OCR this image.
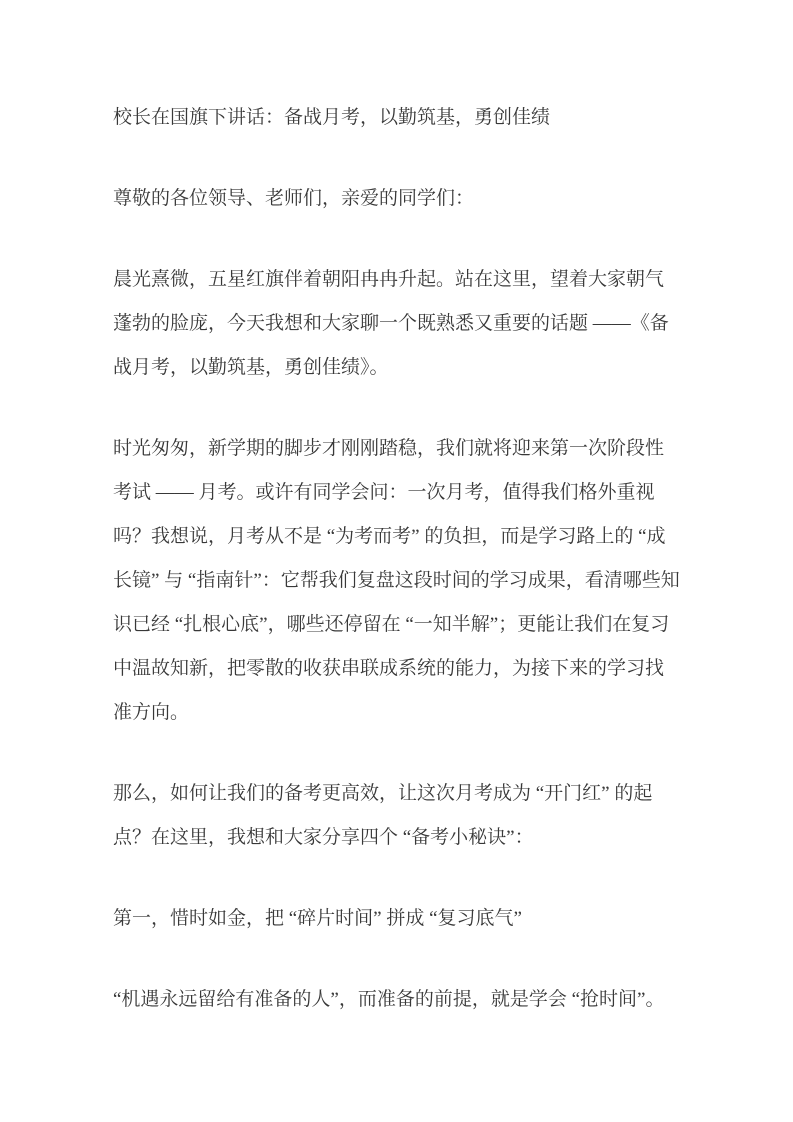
校长在国旗下讲话：备战月考，以勤筑基，勇创佳绩

尊敬的各位领导、老师们，亲爱的同学们：

晨光熹微，五星红旗伴着朝阳冉冉升起。站在这里，望着大家朝气蓬勃的脸庞，今天我想和大家聊一个既熟悉又重要的话题 ——《备战月考，以勤筑基，勇创佳绩》。

时光匆匆，新学期的脚步才刚刚踏稳，我们就将迎来第一次阶段性考试 —— 月考。或许有同学会问：一次月考，值得我们格外重视吗？我想说，月考从不是 “为考而考” 的负担，而是学习路上的 “成长镜” 与 “指南针”：它帮我们复盘这段时间的学习成果，看清哪些知识已经 “扎根心底”，哪些还停留在 “一知半解”；更能让我们在复习中温故知新，把零散的收获串联成系统的能力，为接下来的学习找准方向。

那么，如何让我们的备考更高效，让这次月考成为 “开门红” 的起点？在这里，我想和大家分享四个 “备考小秘诀”：

第一，惜时如金，把 “碎片时间” 拼成 “复习底气”

“机遇永远留给有准备的人”，而准备的前提，就是学会 “抢时间”。
